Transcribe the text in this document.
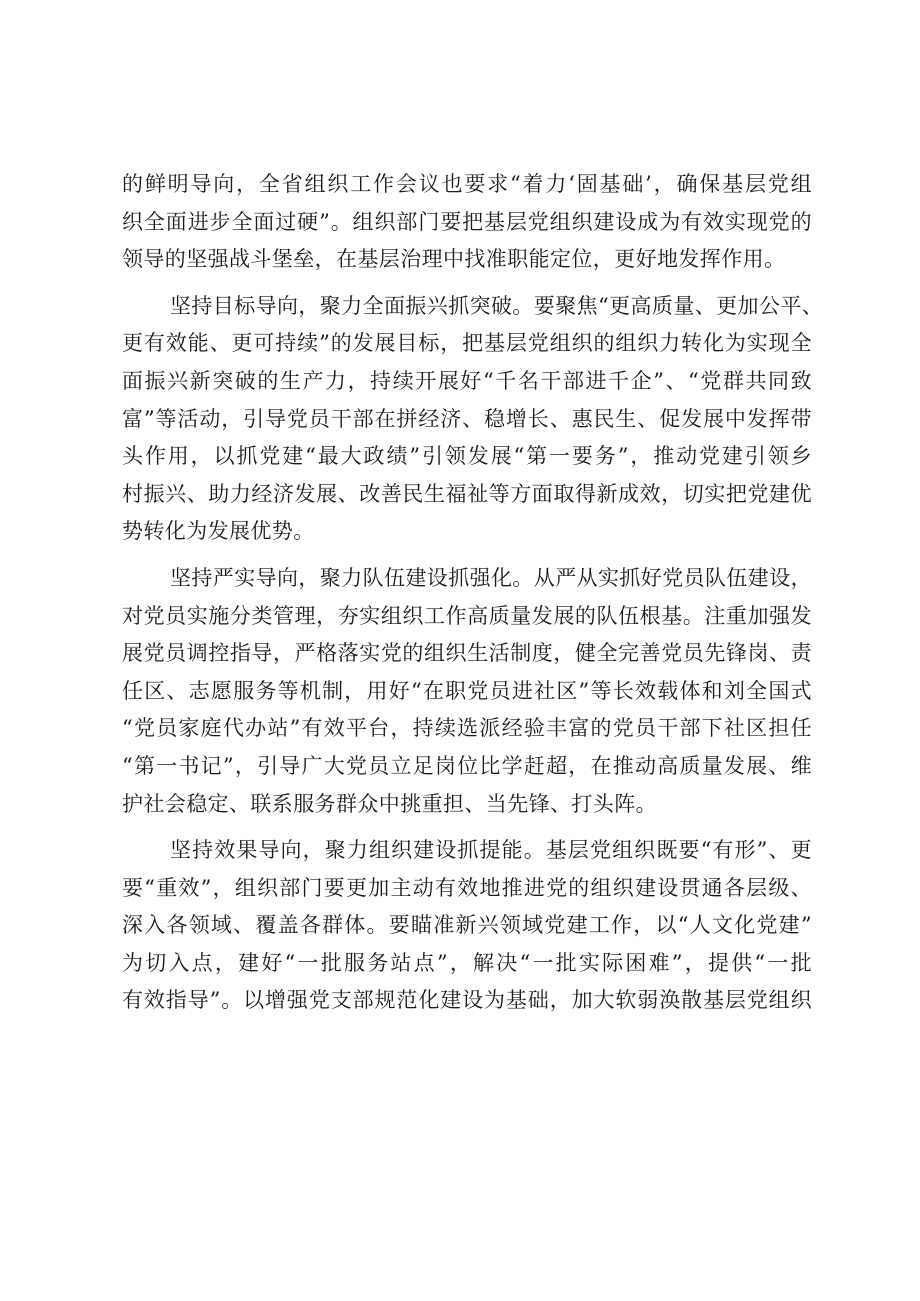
的鲜明导向，全省组织工作会议也要求“着力‘固基础’，确保基层党组
织全面进步全面过硬”。组织部门要把基层党组织建设成为有效实现党的
领导的坚强战斗堡垒，在基层治理中找准职能定位，更好地发挥作用。
坚持目标导向，聚力全面振兴抓突破。要聚焦“更高质量、更加公平、
更有效能、更可持续”的发展目标，把基层党组织的组织力转化为实现全
面振兴新突破的生产力，持续开展好“千名干部进千企”、“党群共同致
富”等活动，引导党员干部在拼经济、稳增长、惠民生、促发展中发挥带
头作用，以抓党建“最大政绩”引领发展“第一要务”，推动党建引领乡
村振兴、助力经济发展、改善民生福祉等方面取得新成效，切实把党建优
势转化为发展优势。
坚持严实导向，聚力队伍建设抓强化。从严从实抓好党员队伍建设，
对党员实施分类管理，夯实组织工作高质量发展的队伍根基。注重加强发
展党员调控指导，严格落实党的组织生活制度，健全完善党员先锋岗、责
任区、志愿服务等机制，用好“在职党员进社区”等长效载体和刘全国式
“党员家庭代办站”有效平台，持续选派经验丰富的党员干部下社区担任
“第一书记”，引导广大党员立足岗位比学赶超，在推动高质量发展、维
护社会稳定、联系服务群众中挑重担、当先锋、打头阵。
坚持效果导向，聚力组织建设抓提能。基层党组织既要“有形”、更
要“重效”，组织部门要更加主动有效地推进党的组织建设贯通各层级、
深入各领域、覆盖各群体。要瞄准新兴领域党建工作，以“人文化党建”
为切入点，建好“一批服务站点”，解决“一批实际困难”，提供“一批
有效指导”。以增强党支部规范化建设为基础，加大软弱涣散基层党组织
